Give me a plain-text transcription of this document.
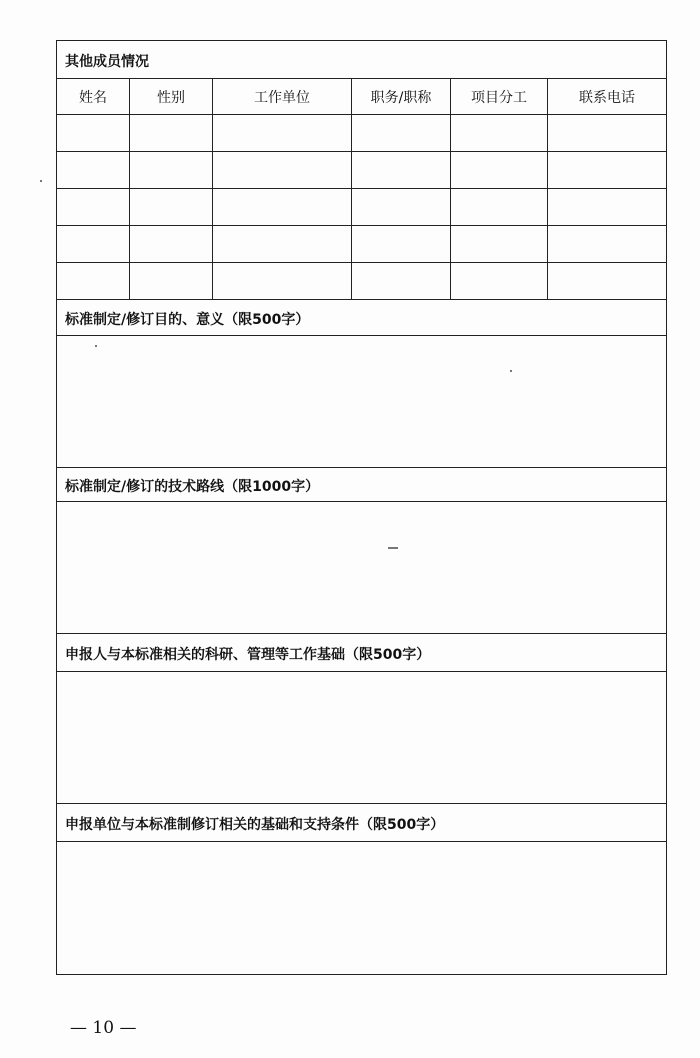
其他成员情况
姓名	性别	工作单位	职务/职称	项目分工	联系电话
标准制定/修订目的、意义（限500字）
标准制定/修订的技术路线（限1000字）
申报人与本标准相关的科研、管理等工作基础（限500字）
申报单位与本标准制修订相关的基础和支持条件（限500字）
— 10 —
